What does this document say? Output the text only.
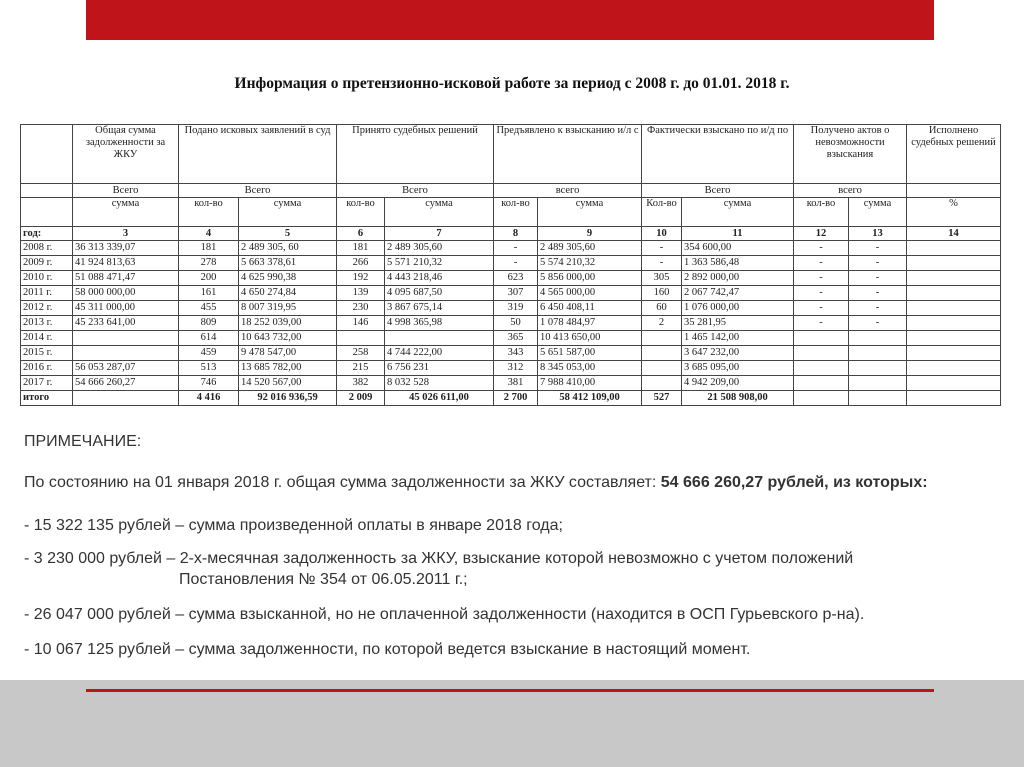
Информация о претензионно-исковой работе за период с 2008 г. до 01.01. 2018 г.
	Общая сумма задолженности за ЖКУ	Подано исковых заявлений в суд		Принято судебных решений		Предъявлено к взысканию и/л с		Фактически взыскано по и/д по		Получено актов о невозможности взыскания		Исполнено судебных решений
	Всего	Всего		Всего		всего		Всего		всего		
	сумма	кол-во	сумма	кол-во	сумма	кол-во	сумма	Кол-во	сумма	кол-во	сумма	%
год:	3	4	5	6	7	8	9	10	11	12	13	14
2008 г.	36 313 339,07	181	2 489 305, 60	181	2 489 305,60	-	2 489 305,60	-	354 600,00	-	-	
2009 г.	41 924 813,63	278	5 663 378,61	266	5 571 210,32	-	5 574 210,32	-	1 363 586,48	-	-	
2010 г.	51 088 471,47	200	4 625 990,38	192	4 443 218,46	623	5 856 000,00	305	2 892 000,00	-	-	
2011 г.	58 000 000,00	161	4 650 274,84	139	4 095 687,50	307	4 565 000,00	160	2 067 742,47	-	-	
2012 г.	45 311 000,00	455	8 007 319,95	230	3 867 675,14	319	6 450 408,11	60	1 076 000,00	-	-	
2013 г.	45 233 641,00	809	18 252 039,00	146	4 998 365,98	50	1 078 484,97	2	35 281,95	-	-	
2014 г.		614	10 643 732,00			365	10 413 650,00		1 465 142,00			
2015 г.		459	9 478 547,00	258	4 744 222,00	343	5 651 587,00		3 647 232,00			
2016 г.	56 053 287,07	513	13 685 782,00	215	6 756 231	312	8 345 053,00		3 685 095,00			
2017 г.	54 666 260,27	746	14 520 567,00	382	8 032 528	381	7 988 410,00		4 942 209,00			
итого		4 416	92 016 936,59	2 009	45 026 611,00	2 700	58 412 109,00	527	21 508 908,00			

ПРИМЕЧАНИЕ:

По состоянию на 01 января 2018 г. общая сумма задолженности за ЖКУ составляет: 54 666 260,27 рублей, из которых:

- 15 322 135 рублей – сумма произведенной оплаты в январе 2018 года;

- 3 230 000 рублей – 2-х-месячная задолженность за ЖКУ, взыскание которой невозможно с учетом положений

Постановления № 354 от 06.05.2011 г.;

- 26 047 000 рублей – сумма взысканной, но не оплаченной задолженности (находится в ОСП Гурьевского р-на).

- 10 067 125 рублей – сумма задолженности, по которой ведется взыскание в настоящий момент.
